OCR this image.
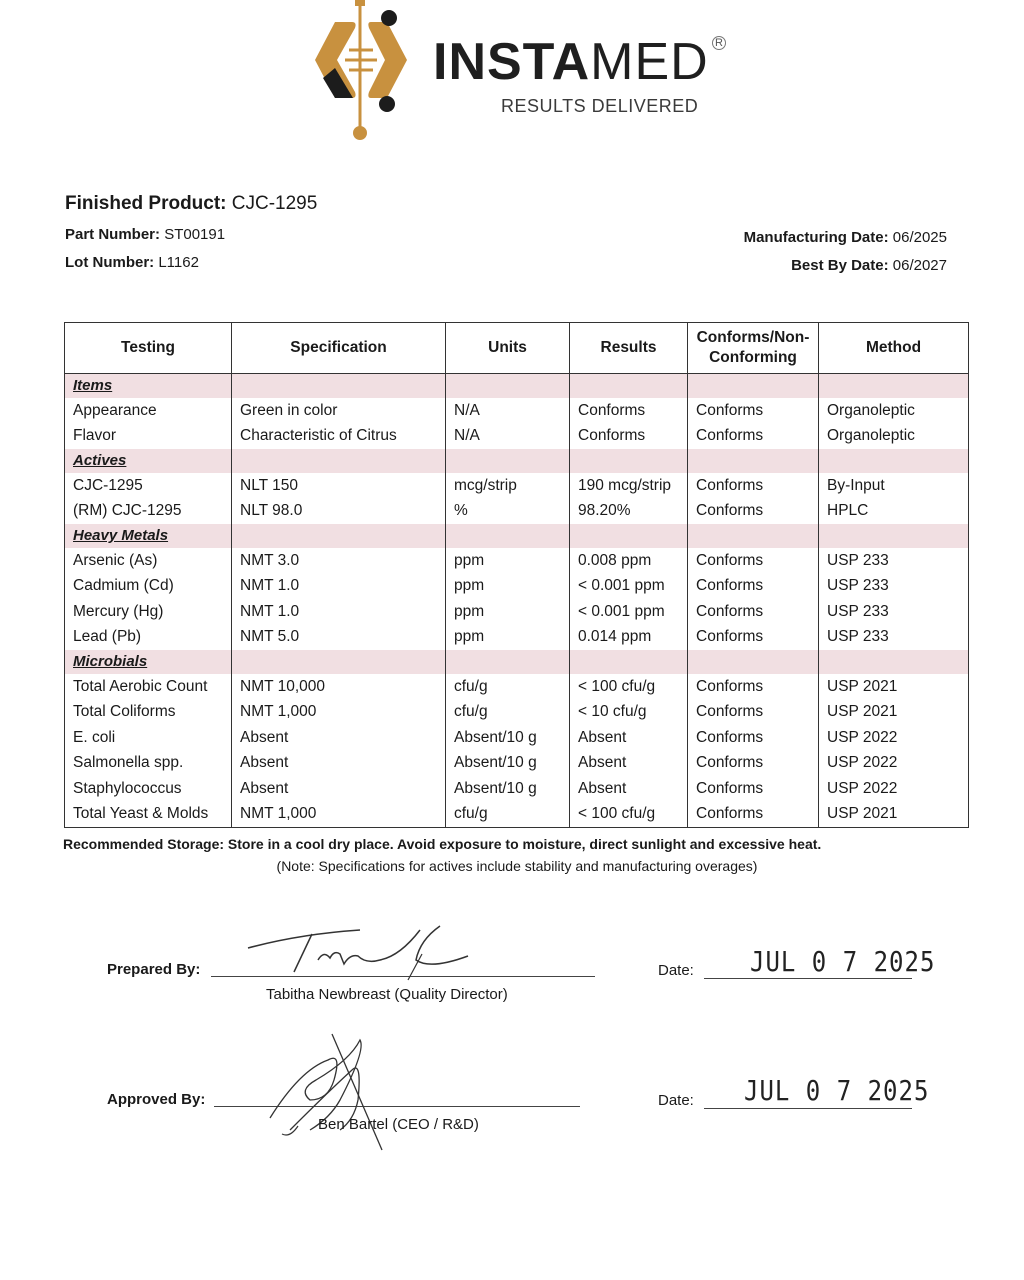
INSTAMED R
RESULTS DELIVERED
Finished Product: CJC-1295
Part Number: ST00191
Lot Number: L1162
Manufacturing Date: 06/2025
Best By Date: 06/2027
Testing	Specification	Units	Results	Conforms/Non-Conforming	Method
Items					
Appearance	Green in color	N/A	Conforms	Conforms	Organoleptic
Flavor	Characteristic of Citrus	N/A	Conforms	Conforms	Organoleptic
Actives					
CJC-1295	NLT 150	mcg/strip	190 mcg/strip	Conforms	By-Input
(RM) CJC-1295	NLT 98.0	%	98.20%	Conforms	HPLC
Heavy Metals					
Arsenic (As)	NMT 3.0	ppm	0.008 ppm	Conforms	USP 233
Cadmium (Cd)	NMT 1.0	ppm	< 0.001 ppm	Conforms	USP 233
Mercury (Hg)	NMT 1.0	ppm	< 0.001 ppm	Conforms	USP 233
Lead (Pb)	NMT 5.0	ppm	0.014 ppm	Conforms	USP 233
Microbials					
Total Aerobic Count	NMT 10,000	cfu/g	< 100 cfu/g	Conforms	USP 2021
Total Coliforms	NMT 1,000	cfu/g	< 10 cfu/g	Conforms	USP 2021
E. coli	Absent	Absent/10 g	Absent	Conforms	USP 2022
Salmonella spp.	Absent	Absent/10 g	Absent	Conforms	USP 2022
Staphylococcus	Absent	Absent/10 g	Absent	Conforms	USP 2022
Total Yeast & Molds	NMT 1,000	cfu/g	< 100 cfu/g	Conforms	USP 2021
Recommended Storage: Store in a cool dry place. Avoid exposure to moisture, direct sunlight and excessive heat.
(Note: Specifications for actives include stability and manufacturing overages)
Prepared By:
Tabitha Newbreast (Quality Director)
Date: JUL 0 7 2025
Approved By:
Ben Bartel (CEO / R&D)
Date: JUL 0 7 2025
